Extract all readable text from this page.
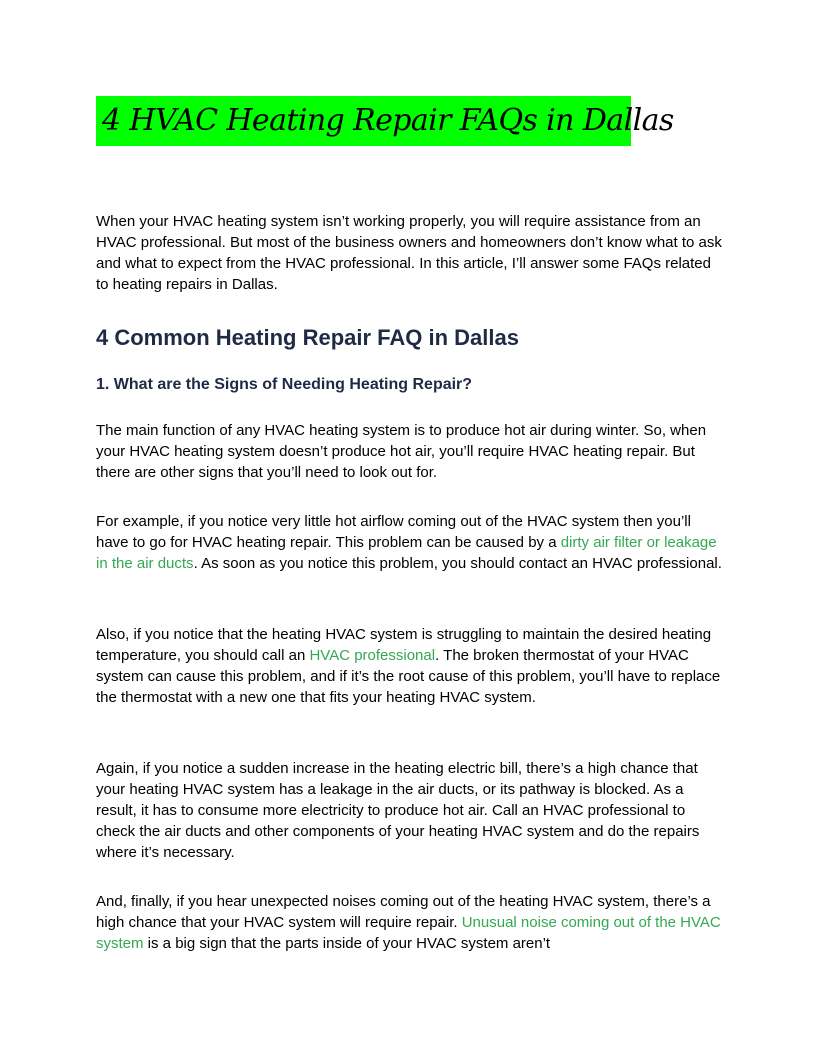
4 HVAC Heating Repair FAQs in Dallas

When your HVAC heating system isn’t working properly, you will require assistance from an HVAC professional. But most of the business owners and homeowners don’t know what to ask and what to expect from the HVAC professional. In this article, I’ll answer some FAQs related to heating repairs in Dallas.

4 Common Heating Repair FAQ in Dallas
1. What are the Signs of Needing Heating Repair?

The main function of any HVAC heating system is to produce hot air during winter. So, when your HVAC heating system doesn’t produce hot air, you’ll require HVAC heating repair. But there are other signs that you’ll need to look out for.

For example, if you notice very little hot airflow coming out of the HVAC system then you’ll have to go for HVAC heating repair. This problem can be caused by a dirty air filter or leakage in the air ducts. As soon as you notice this problem, you should contact an HVAC professional.

Also, if you notice that the heating HVAC system is struggling to maintain the desired heating temperature, you should call an HVAC professional. The broken thermostat of your HVAC system can cause this problem, and if it’s the root cause of this problem, you’ll have to replace the thermostat with a new one that fits your heating HVAC system.

Again, if you notice a sudden increase in the heating electric bill, there’s a high chance that your heating HVAC system has a leakage in the air ducts, or its pathway is blocked. As a result, it has to consume more electricity to produce hot air. Call an HVAC professional to check the air ducts and other components of your heating HVAC system and do the repairs where it’s necessary.

And, finally, if you hear unexpected noises coming out of the heating HVAC system, there’s a high chance that your HVAC system will require repair. Unusual noise coming out of the HVAC system is a big sign that the parts inside of your HVAC system aren’t
